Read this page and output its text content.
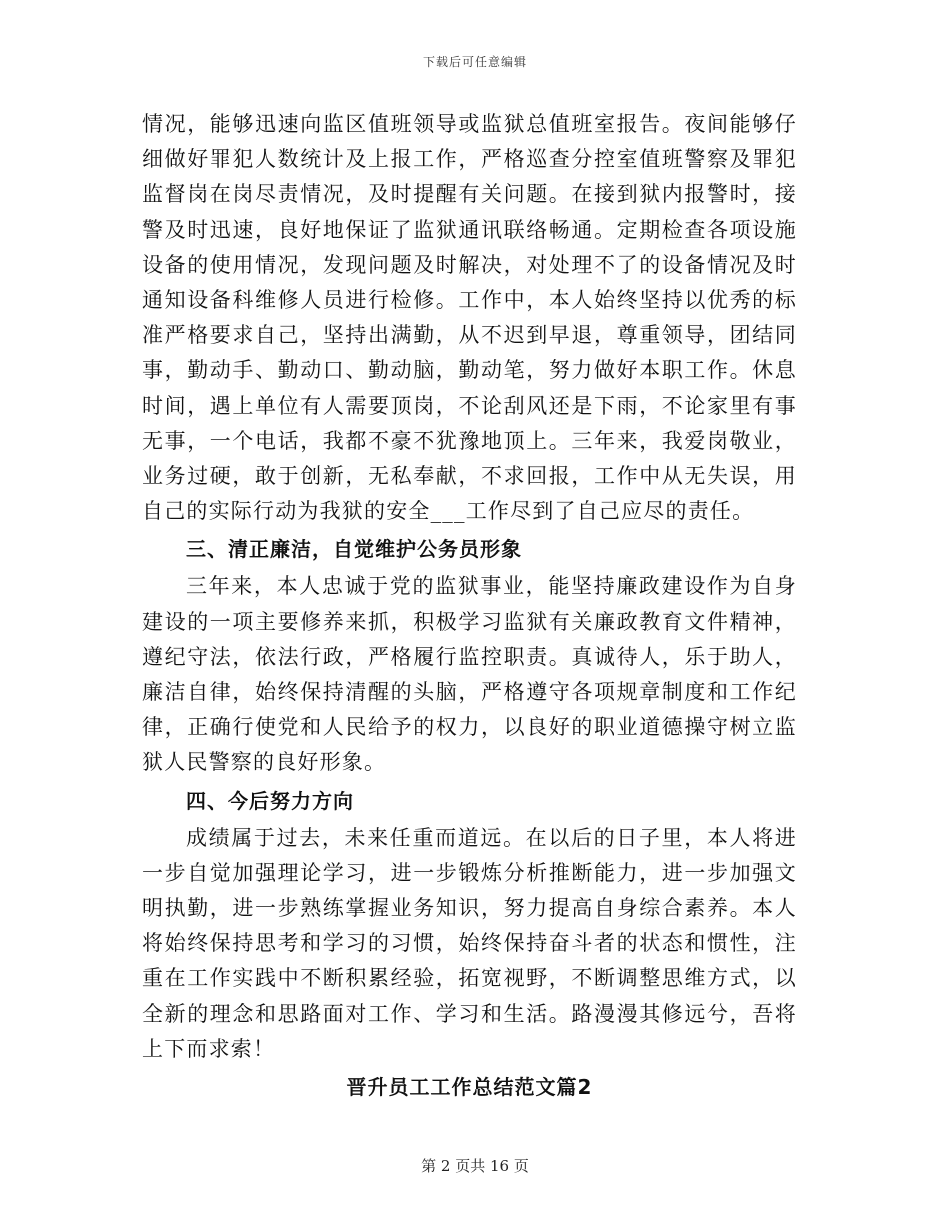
下载后可任意编辑

情况，能够迅速向监区值班领导或监狱总值班室报告。夜间能够仔细做好罪犯人数统计及上报工作，严格巡查分控室值班警察及罪犯监督岗在岗尽责情况，及时提醒有关问题。在接到狱内报警时，接警及时迅速，良好地保证了监狱通讯联络畅通。定期检查各项设施设备的使用情况，发现问题及时解决，对处理不了的设备情况及时通知设备科维修人员进行检修。工作中，本人始终坚持以优秀的标准严格要求自己，坚持出满勤，从不迟到早退，尊重领导，团结同事，勤动手、勤动口、勤动脑，勤动笔，努力做好本职工作。休息时间，遇上单位有人需要顶岗，不论刮风还是下雨，不论家里有事无事，一个电话，我都不豪不犹豫地顶上。三年来，我爱岗敬业，业务过硬，敢于创新，无私奉献，不求回报，工作中从无失误，用自己的实际行动为我狱的安全___工作尽到了自己应尽的责任。

三、清正廉洁，自觉维护公务员形象

三年来，本人忠诚于党的监狱事业，能坚持廉政建设作为自身建设的一项主要修养来抓，积极学习监狱有关廉政教育文件精神，遵纪守法，依法行政，严格履行监控职责。真诚待人，乐于助人，廉洁自律，始终保持清醒的头脑，严格遵守各项规章制度和工作纪律，正确行使党和人民给予的权力，以良好的职业道德操守树立监狱人民警察的良好形象。

四、今后努力方向

成绩属于过去，未来任重而道远。在以后的日子里，本人将进一步自觉加强理论学习，进一步锻炼分析推断能力，进一步加强文明执勤，进一步熟练掌握业务知识，努力提高自身综合素养。本人将始终保持思考和学习的习惯，始终保持奋斗者的状态和惯性，注重在工作实践中不断积累经验，拓宽视野，不断调整思维方式，以全新的理念和思路面对工作、学习和生活。路漫漫其修远兮，吾将上下而求索！

晋升员工工作总结范文篇2
第 2 页共 16 页
